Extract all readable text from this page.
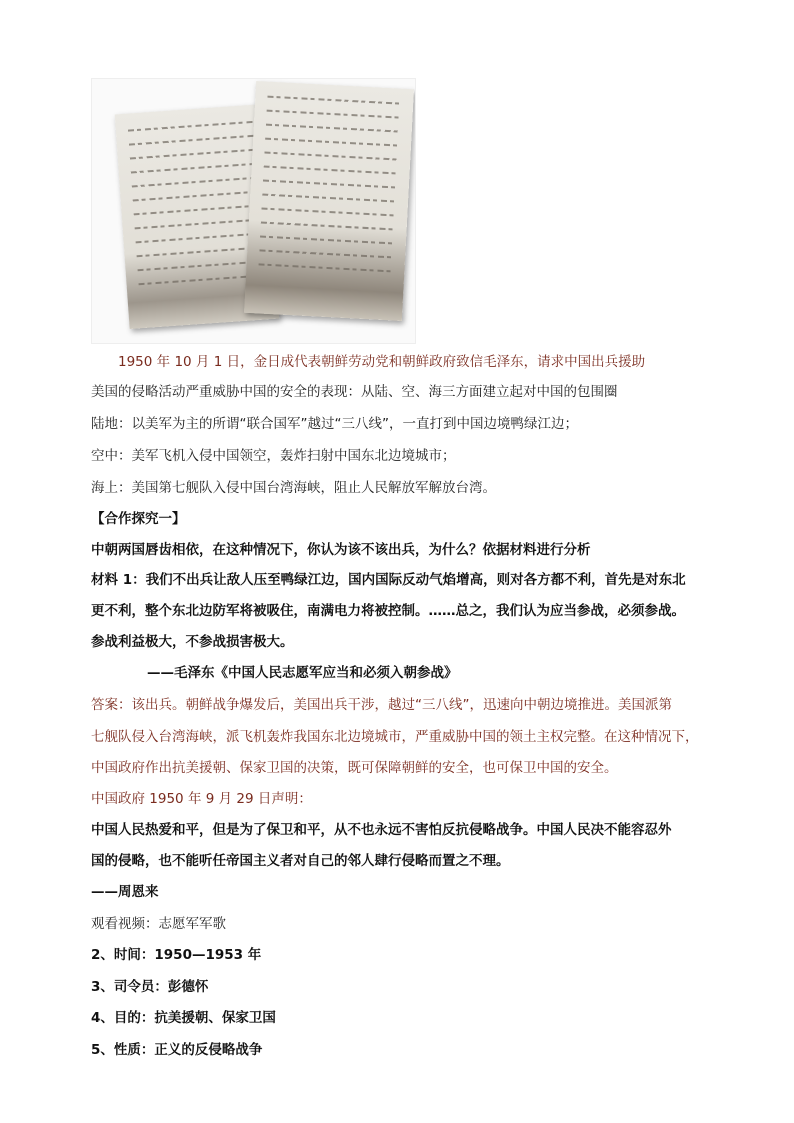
1950 年 10 月 1 日，金日成代表朝鲜劳动党和朝鲜政府致信毛泽东，请求中国出兵援助
美国的侵略活动严重威胁中国的安全的表现：从陆、空、海三方面建立起对中国的包围圈
陆地：以美军为主的所谓“联合国军”越过“三八线”，一直打到中国边境鸭绿江边；
空中：美军飞机入侵中国领空，轰炸扫射中国东北边境城市；
海上：美国第七舰队入侵中国台湾海峡，阻止人民解放军解放台湾。
【合作探究一】
中朝两国唇齿相依，在这种情况下，你认为该不该出兵，为什么？依据材料进行分析
材料 1：我们不出兵让敌人压至鸭绿江边，国内国际反动气焰增高，则对各方都不利，首先是对东北
更不利，整个东北边防军将被吸住，南满电力将被控制。……总之，我们认为应当参战，必须参战。
参战利益极大，不参战损害极大。
——毛泽东《中国人民志愿军应当和必须入朝参战》
答案：该出兵。朝鲜战争爆发后，美国出兵干涉，越过“三八线”，迅速向中朝边境推进。美国派第
七舰队侵入台湾海峡，派飞机轰炸我国东北边境城市，严重威胁中国的领土主权完整。在这种情况下，
中国政府作出抗美援朝、保家卫国的决策，既可保障朝鲜的安全，也可保卫中国的安全。
中国政府 1950 年 9 月 29 日声明：
中国人民热爱和平，但是为了保卫和平，从不也永远不害怕反抗侵略战争。中国人民决不能容忍外
国的侵略，也不能听任帝国主义者对自己的邻人肆行侵略而置之不理。
——周恩来
观看视频：志愿军军歌
2、时间：1950—1953 年
3、司令员：彭德怀
4、目的：抗美援朝、保家卫国
5、性质：正义的反侵略战争
